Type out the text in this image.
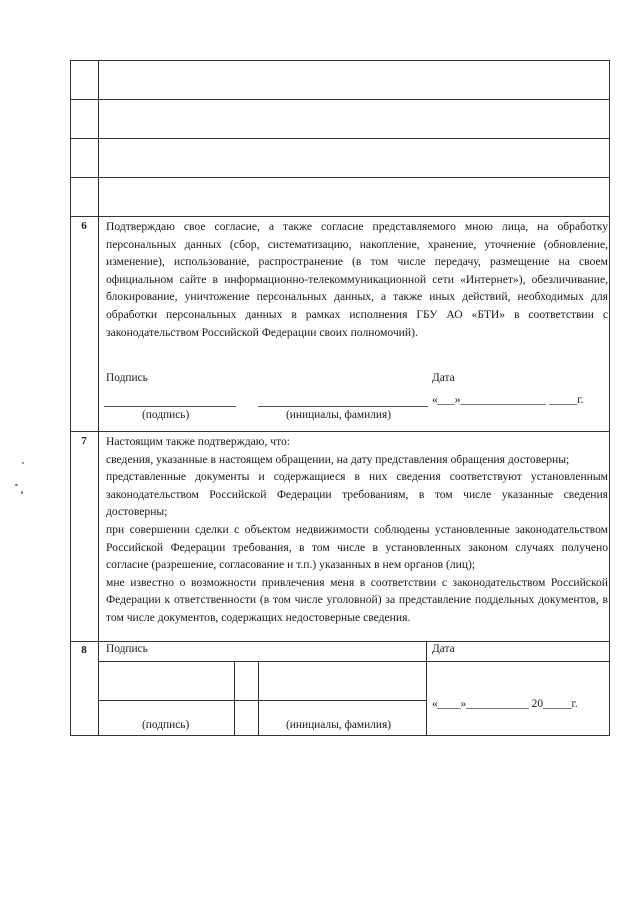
6	Подтверждаю свое согласие, а также согласие представляемого мною лица, на обработку персональных данных (сбор, систематизацию, накопление, хранение, уточнение (обновление, изменение), использование, распространение (в том числе передачу, размещение на своем официальном сайте в информационно-телекоммуникационной сети «Интернет»), обезличивание, блокирование, уничтожение персональных данных, а также иных действий, необходимых для обработки персональных данных в рамках исполнения ГБУ АО «БТИ» в соответствии с законодательством Российской Федерации своих полномочий).
Подпись	Дата
«___»_______________ _____г.
(подпись)	(инициалы, фамилия)
7	Настоящим также подтверждаю, что:
сведения, указанные в настоящем обращении, на дату представления обращения достоверны;
представленные документы и содержащиеся в них сведения соответствуют установленным законодательством Российской Федерации требованиям, в том числе указанные сведения достоверны;
при совершении сделки с объектом недвижимости соблюдены установленные законодательством Российской Федерации требования, в том числе в установленных законом случаях получено согласие (разрешение, согласование и т.п.) указанных в нем органов (лиц);
мне известно о возможности привлечения меня в соответствии с законодательством Российской Федерации к ответственности (в том числе уголовной) за представление поддельных документов, в том числе документов, содержащих недостоверные сведения.
8	Подпись	Дата
«____»___________ 20_____г.
(подпись)	(инициалы, фамилия)
